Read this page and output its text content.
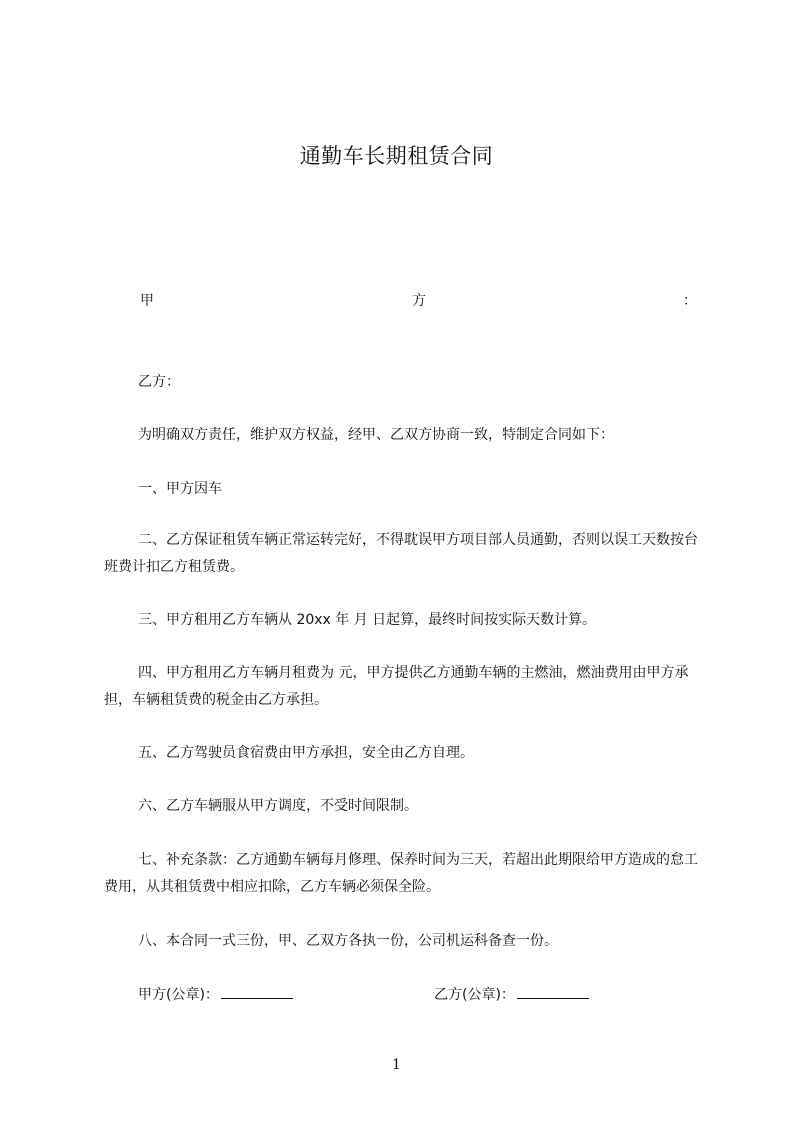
通勤车长期租赁合同
甲	方	：
乙方：
为明确双方责任，维护双方权益，经甲、乙双方协商一致，特制定合同如下：
一、甲方因车
二、乙方保证租赁车辆正常运转完好，不得耽误甲方项目部人员通勤，否则以误工天数按台班费计扣乙方租赁费。
三、甲方租用乙方车辆从 20xx 年 月 日起算，最终时间按实际天数计算。
四、甲方租用乙方车辆月租费为 元，甲方提供乙方通勤车辆的主燃油，燃油费用由甲方承担，车辆租赁费的税金由乙方承担。
五、乙方驾驶员食宿费由甲方承担，安全由乙方自理。
六、乙方车辆服从甲方调度，不受时间限制。
七、补充条款：乙方通勤车辆每月修理、保养时间为三天，若超出此期限给甲方造成的怠工费用，从其租赁费中相应扣除，乙方车辆必须保全险。
八、本合同一式三份，甲、乙双方各执一份，公司机运科备查一份。
甲方(公章)：	乙方(公章)：
1
